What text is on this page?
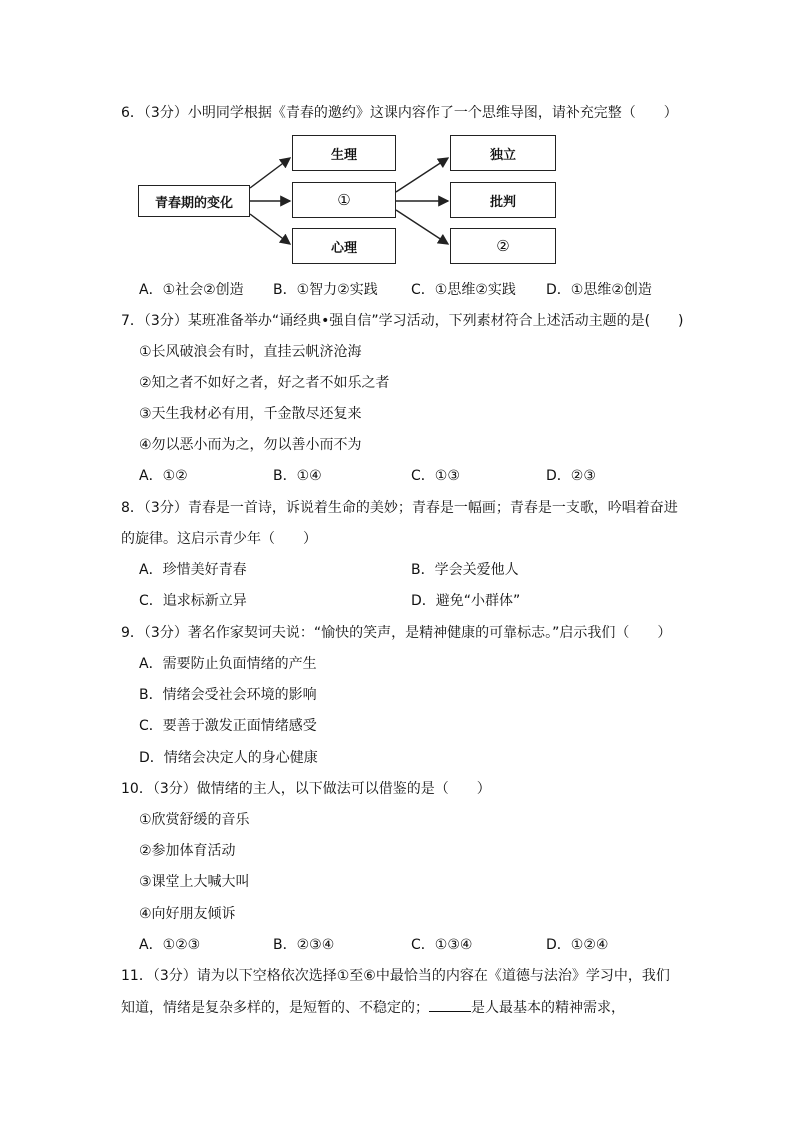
6．（3分）小明同学根据《青春的邀约》这课内容作了一个思维导图，请补充完整（　　）
青春期的变化
生理
①
心理
独立
批判
②
A．①社会②创造 B．①智力②实践 C．①思维②实践 D．①思维②创造
7．（3分）某班准备举办“诵经典•强自信”学习活动，下列素材符合上述活动主题的是(　　)
①长风破浪会有时，直挂云帆济沧海
②知之者不如好之者，好之者不如乐之者
③天生我材必有用，千金散尽还复来
④勿以恶小而为之，勿以善小而不为
A．①②	B．①④	C．①③	D．②③
8．（3分）青春是一首诗，诉说着生命的美妙；青春是一幅画；青春是一支歌，吟唱着奋进
的旋律。这启示青少年（　　）
A．珍惜美好青春	B．学会关爱他人
C．追求标新立异	D．避免“小群体”
9．（3分）著名作家契诃夫说：“愉快的笑声，是精神健康的可靠标志。”启示我们（　　）
A．需要防止负面情绪的产生
B．情绪会受社会环境的影响
C．要善于激发正面情绪感受
D．情绪会决定人的身心健康
10．（3分）做情绪的主人，以下做法可以借鉴的是（　　）
①欣赏舒缓的音乐
②参加体育活动
③课堂上大喊大叫
④向好朋友倾诉
A．①②③	B．②③④	C．①③④	D．①②④
11．（3分）请为以下空格依次选择①至⑥中最恰当的内容在《道德与法治》学习中，我们
知道，情绪是复杂多样的，是短暂的、不稳定的；	是人最基本的精神需求，
